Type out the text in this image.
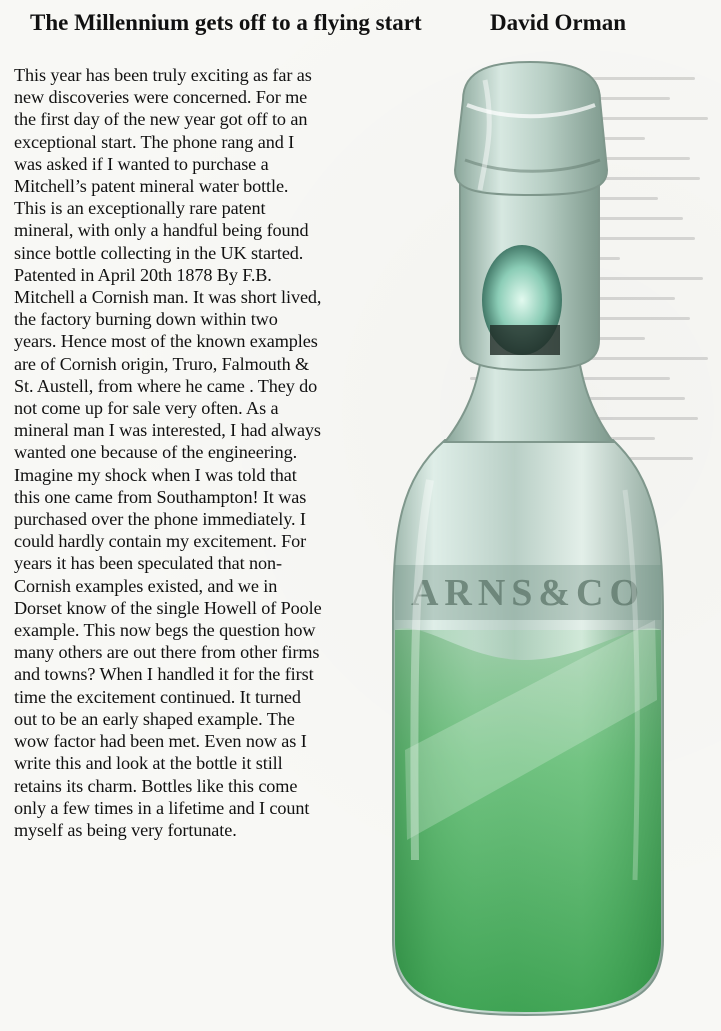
The Millennium gets off to a flying start	David Orman
This year has been truly exciting as far as
new discoveries were concerned. For me
the first day of the new year got off to an
exceptional start. The phone rang and I
was asked if I wanted to purchase a
Mitchell’s patent mineral water bottle.
This is an exceptionally rare patent
mineral, with only a handful being found
since bottle collecting in the UK started.
Patented in April 20th 1878 By F.B.
Mitchell a Cornish man. It was short lived,
the factory burning down within two
years. Hence most of the known examples
are of Cornish origin, Truro, Falmouth &
St. Austell, from where he came . They do
not come up for sale very often. As a
mineral man I was interested, I had always
wanted one because of the engineering.
Imagine my shock when I was told that
this one came from Southampton! It was
purchased over the phone immediately. I
could hardly contain my excitement. For
years it has been speculated that non-
Cornish examples existed, and we in
Dorset know of the single Howell of Poole
example. This now begs the question how
many others are out there from other firms
and towns? When I handled it for the first
time the excitement continued. It turned
out to be an early shaped example. The
wow factor had been met. Even now as I
write this and look at the bottle it still
retains its charm. Bottles like this come
only a few times in a lifetime and I count
myself as being very fortunate.
ARNS&CO
